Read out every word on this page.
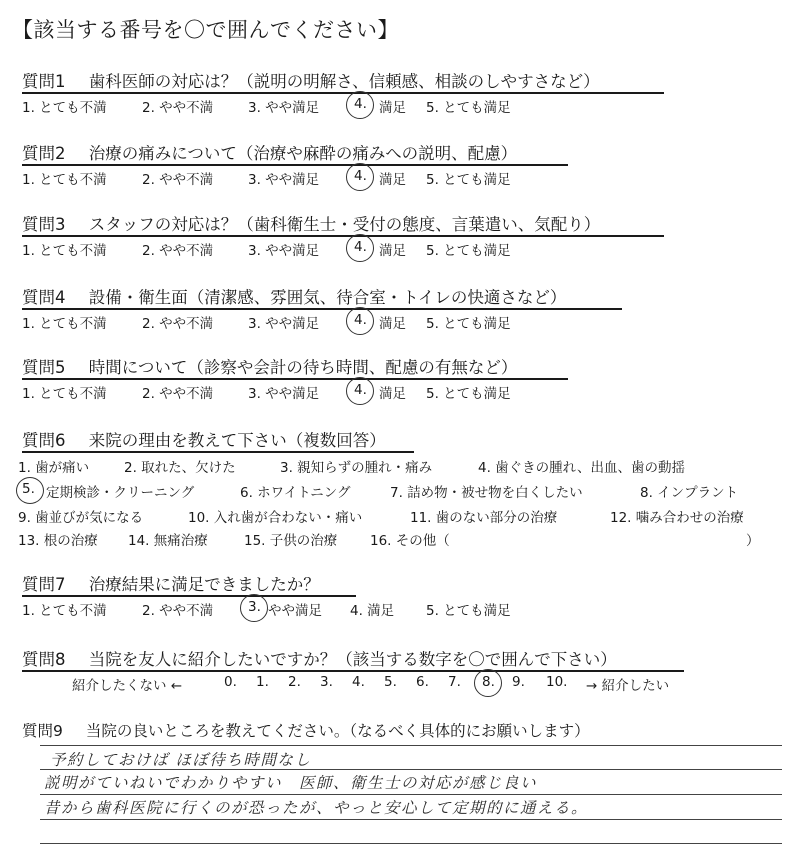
【該当する番号を〇で囲んでください】
質問1 歯科医師の対応は？（説明の明解さ、信頼感、相談のしやすさなど）
1. とても不満	2. やや不満	3. やや満足	4. 満足 5. とても満足
質問2 治療の痛みについて（治療や麻酔の痛みへの説明、配慮）
1. とても不満	2. やや不満	3. やや満足	4. 満足 5. とても満足
質問3 スタッフの対応は？（歯科衛生士・受付の態度、言葉遣い、気配り）
1. とても不満	2. やや不満	3. やや満足	4. 満足 5. とても満足
質問4 設備・衛生面（清潔感、雰囲気、待合室・トイレの快適さなど）
1. とても不満	2. やや不満	3. やや満足	4. 満足 5. とても満足
質問5 時間について（診察や会計の待ち時間、配慮の有無など）
1. とても不満	2. やや不満	3. やや満足	4. 満足 5. とても満足
質問6 来院の理由を教えて下さい（複数回答）
1. 歯が痛い	2. 取れた、欠けた	3. 親知らずの腫れ・痛み	4. 歯ぐきの腫れ、出血、歯の動揺
5. 定期検診・クリーニング	6. ホワイトニング	7. 詰め物・被せ物を白くしたい	8. インプラント
9. 歯並びが気になる	10. 入れ歯が合わない・痛い	11. 歯のない部分の治療	12. 噛み合わせの治療
13. 根の治療 14. 無痛治療	15. 子供の治療 16. その他（	）
質問7 治療結果に満足できましたか？
1. とても不満	2. やや不満	3. やや満足 4. 満足 5. とても満足
質問8 当院を友人に紹介したいですか？（該当する数字を〇で囲んで下さい）
紹介したくない ←	0. 1. 2. 3. 4. 5. 6. 7. 8. 9. 10. → 紹介したい
質問9 当院の良いところを教えてください。（なるべく具体的にお願いします）
予約しておけば ほぼ待ち時間なし
説明がていねいでわかりやすい　医師、衛生士の対応が感じ良い
昔から歯科医院に行くのが恐ったが、やっと安心して定期的に通える。
